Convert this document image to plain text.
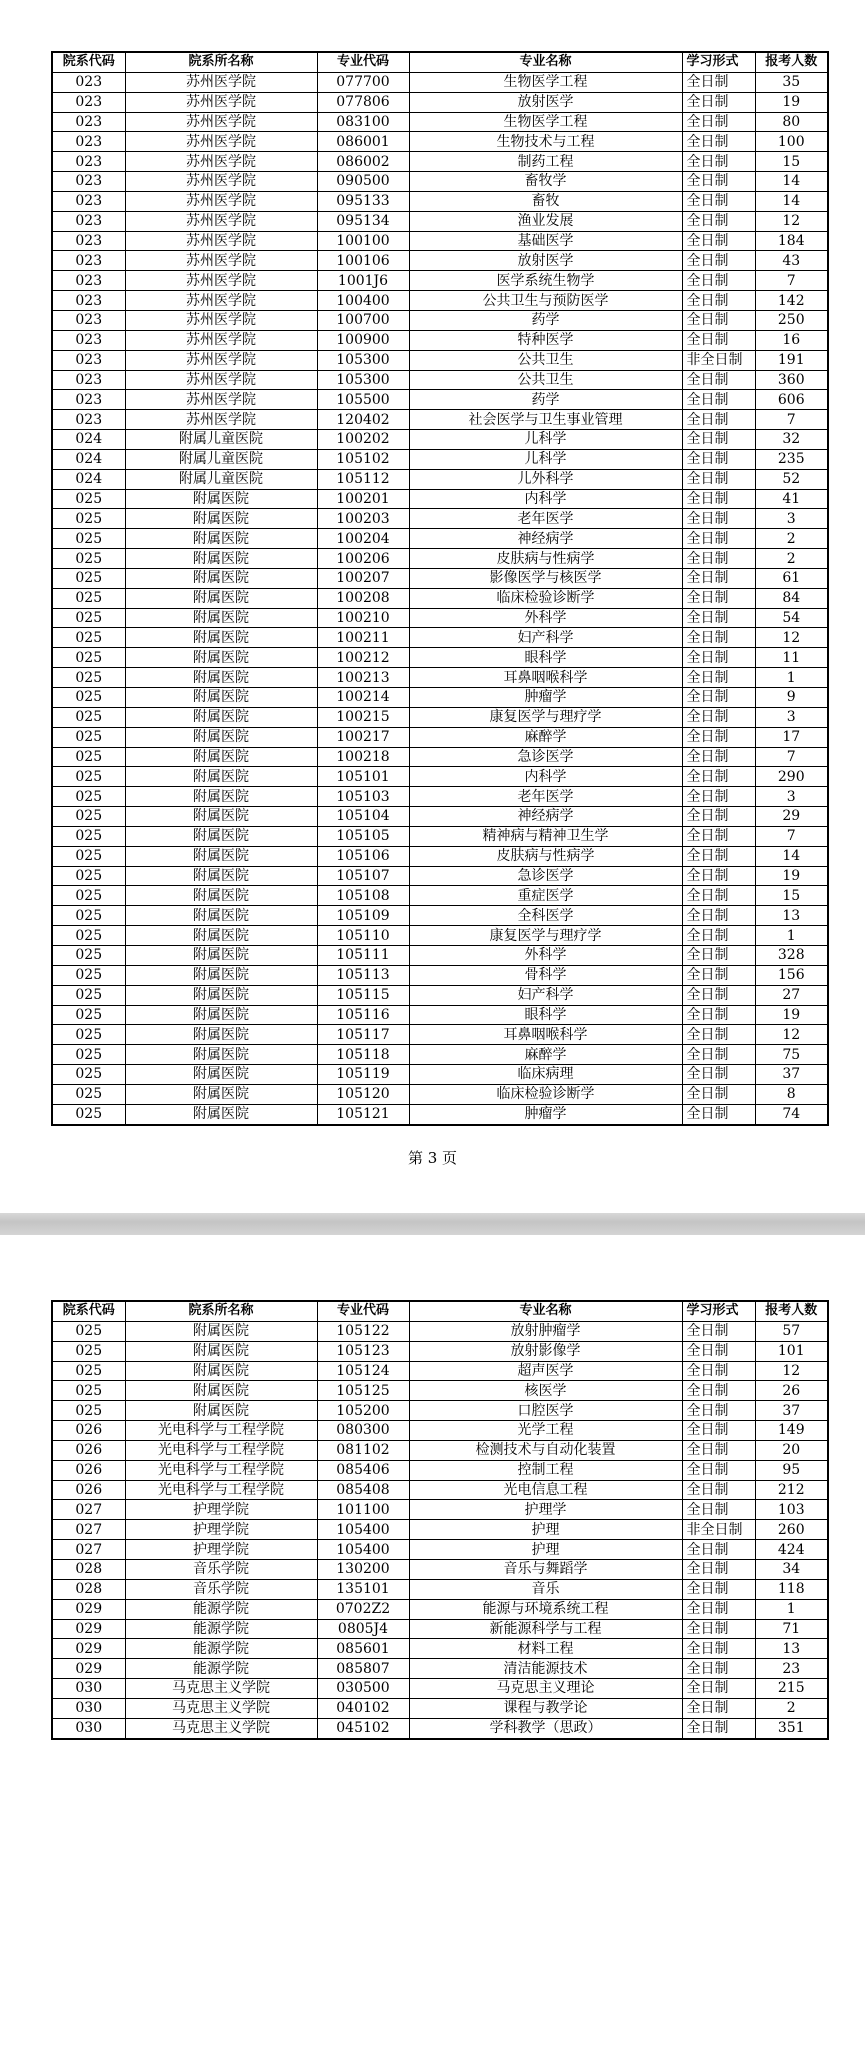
院系代码	院系所名称	专业代码	专业名称	学习形式	报考人数
023	苏州医学院	077700	生物医学工程	全日制	35
023	苏州医学院	077806	放射医学	全日制	19
023	苏州医学院	083100	生物医学工程	全日制	80
023	苏州医学院	086001	生物技术与工程	全日制	100
023	苏州医学院	086002	制药工程	全日制	15
023	苏州医学院	090500	畜牧学	全日制	14
023	苏州医学院	095133	畜牧	全日制	14
023	苏州医学院	095134	渔业发展	全日制	12
023	苏州医学院	100100	基础医学	全日制	184
023	苏州医学院	100106	放射医学	全日制	43
023	苏州医学院	1001J6	医学系统生物学	全日制	7
023	苏州医学院	100400	公共卫生与预防医学	全日制	142
023	苏州医学院	100700	药学	全日制	250
023	苏州医学院	100900	特种医学	全日制	16
023	苏州医学院	105300	公共卫生	非全日制	191
023	苏州医学院	105300	公共卫生	全日制	360
023	苏州医学院	105500	药学	全日制	606
023	苏州医学院	120402	社会医学与卫生事业管理	全日制	7
024	附属儿童医院	100202	儿科学	全日制	32
024	附属儿童医院	105102	儿科学	全日制	235
024	附属儿童医院	105112	儿外科学	全日制	52
025	附属医院	100201	内科学	全日制	41
025	附属医院	100203	老年医学	全日制	3
025	附属医院	100204	神经病学	全日制	2
025	附属医院	100206	皮肤病与性病学	全日制	2
025	附属医院	100207	影像医学与核医学	全日制	61
025	附属医院	100208	临床检验诊断学	全日制	84
025	附属医院	100210	外科学	全日制	54
025	附属医院	100211	妇产科学	全日制	12
025	附属医院	100212	眼科学	全日制	11
025	附属医院	100213	耳鼻咽喉科学	全日制	1
025	附属医院	100214	肿瘤学	全日制	9
025	附属医院	100215	康复医学与理疗学	全日制	3
025	附属医院	100217	麻醉学	全日制	17
025	附属医院	100218	急诊医学	全日制	7
025	附属医院	105101	内科学	全日制	290
025	附属医院	105103	老年医学	全日制	3
025	附属医院	105104	神经病学	全日制	29
025	附属医院	105105	精神病与精神卫生学	全日制	7
025	附属医院	105106	皮肤病与性病学	全日制	14
025	附属医院	105107	急诊医学	全日制	19
025	附属医院	105108	重症医学	全日制	15
025	附属医院	105109	全科医学	全日制	13
025	附属医院	105110	康复医学与理疗学	全日制	1
025	附属医院	105111	外科学	全日制	328
025	附属医院	105113	骨科学	全日制	156
025	附属医院	105115	妇产科学	全日制	27
025	附属医院	105116	眼科学	全日制	19
025	附属医院	105117	耳鼻咽喉科学	全日制	12
025	附属医院	105118	麻醉学	全日制	75
025	附属医院	105119	临床病理	全日制	37
025	附属医院	105120	临床检验诊断学	全日制	8
025	附属医院	105121	肿瘤学	全日制	74
第 3 页
院系代码	院系所名称	专业代码	专业名称	学习形式	报考人数
025	附属医院	105122	放射肿瘤学	全日制	57
025	附属医院	105123	放射影像学	全日制	101
025	附属医院	105124	超声医学	全日制	12
025	附属医院	105125	核医学	全日制	26
025	附属医院	105200	口腔医学	全日制	37
026	光电科学与工程学院	080300	光学工程	全日制	149
026	光电科学与工程学院	081102	检测技术与自动化装置	全日制	20
026	光电科学与工程学院	085406	控制工程	全日制	95
026	光电科学与工程学院	085408	光电信息工程	全日制	212
027	护理学院	101100	护理学	全日制	103
027	护理学院	105400	护理	非全日制	260
027	护理学院	105400	护理	全日制	424
028	音乐学院	130200	音乐与舞蹈学	全日制	34
028	音乐学院	135101	音乐	全日制	118
029	能源学院	0702Z2	能源与环境系统工程	全日制	1
029	能源学院	0805J4	新能源科学与工程	全日制	71
029	能源学院	085601	材料工程	全日制	13
029	能源学院	085807	清洁能源技术	全日制	23
030	马克思主义学院	030500	马克思主义理论	全日制	215
030	马克思主义学院	040102	课程与教学论	全日制	2
030	马克思主义学院	045102	学科教学（思政）	全日制	351
